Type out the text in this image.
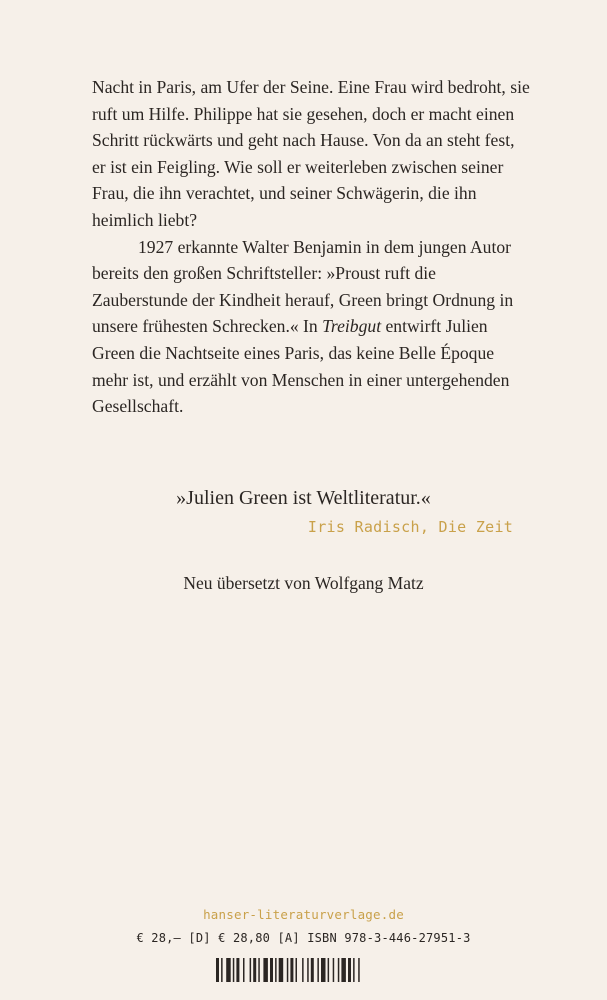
Nacht in Paris, am Ufer der Seine. Eine Frau wird bedroht, sie ruft um Hilfe. Philippe hat sie gesehen, doch er macht einen Schritt rückwärts und geht nach Hause. Von da an steht fest, er ist ein Feigling. Wie soll er weiterleben zwischen seiner Frau, die ihn verachtet, und seiner Schwägerin, die ihn heimlich liebt?

1927 erkannte Walter Benjamin in dem jungen Autor bereits den großen Schriftsteller: »Proust ruft die Zauberstunde der Kindheit herauf, Green bringt Ordnung in unsere frühesten Schrecken.« In Treibgut entwirft Julien Green die Nachtseite eines Paris, das keine Belle Époque mehr ist, und erzählt von Menschen in einer untergehenden Gesellschaft.

»Julien Green ist Weltliteratur.«
Iris Radisch, Die Zeit
Neu übersetzt von Wolfgang Matz
hanser-literaturverlage.de
€ 28,– [D] € 28,80 [A] ISBN 978-3-446-27951-3
